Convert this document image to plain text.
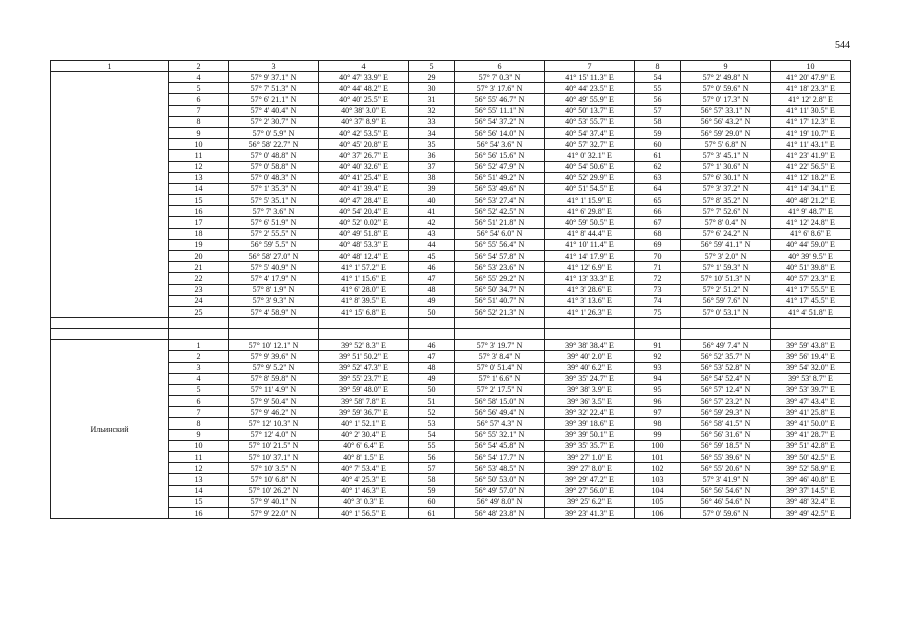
544
1	2	3	4	5	6	7	8	9	10
	4	57° 9' 37.1" N	40° 47' 33.9" E	29	57° 7' 0.3" N	41° 15' 11.3" E	54	57° 2' 49.8" N	41° 20' 47.9" E
	5	57° 7' 51.3" N	40° 44' 48.2" E	30	57° 3' 17.6" N	40° 44' 23.5" E	55	57° 0' 59.6" N	41° 18' 23.3" E
	6	57° 6' 21.1" N	40° 40' 25.5" E	31	56° 55' 46.7" N	40° 49' 55.9" E	56	57° 0' 17.3" N	41° 12' 2.8" E
	7	57° 4' 40.4" N	40° 38' 3.0" E	32	56° 55' 11.1" N	40° 50' 13.7" E	57	56° 57' 33.1" N	41° 11' 30.5" E
	8	57° 2' 30.7" N	40° 37' 8.9" E	33	56° 54' 37.2" N	40° 53' 55.7" E	58	56° 56' 43.2" N	41° 17' 12.3" E
	9	57° 0' 5.9" N	40° 42' 53.5" E	34	56° 56' 14.0" N	40° 54' 37.4" E	59	56° 59' 29.0" N	41° 19' 10.7" E
	10	56° 58' 22.7" N	40° 45' 20.8" E	35	56° 54' 3.6" N	40° 57' 32.7" E	60	57° 5' 6.8" N	41° 11' 43.1" E
	11	57° 0' 48.8" N	40° 37' 26.7" E	36	56° 56' 15.6" N	41° 0' 32.1" E	61	57° 3' 45.1" N	41° 23' 41.9" E
	12	57° 0' 58.8" N	40° 40' 32.6" E	37	56° 52' 47.9" N	40° 54' 50.6" E	62	57° 1' 30.6" N	41° 22' 56.5" E
	13	57° 0' 48.3" N	40° 41' 25.4" E	38	56° 51' 49.2" N	40° 52' 29.9" E	63	57° 6' 30.1" N	41° 12' 18.2" E
	14	57° 1' 35.3" N	40° 41' 39.4" E	39	56° 53' 49.6" N	40° 51' 54.5" E	64	57° 3' 37.2" N	41° 14' 34.1" E
	15	57° 5' 35.1" N	40° 47' 28.4" E	40	56° 53' 27.4" N	41° 1' 15.9" E	65	57° 8' 35.2" N	40° 48' 21.2" E
	16	57° 7' 3.6" N	40° 54' 20.4" E	41	56° 52' 42.5" N	41° 6' 29.8" E	66	57° 7' 52.6" N	41° 9' 48.7" E
	17	57° 6' 51.9" N	40° 52' 0.02" E	42	56° 51' 21.8" N	40° 59' 50.5" E	67	57° 8' 0.4" N	41° 12' 24.8" E
	18	57° 2' 55.5" N	40° 49' 51.8" E	43	56° 54' 6.0" N	41° 8' 44.4" E	68	57° 6' 24.2" N	41° 6' 8.6" E
	19	56° 59' 5.5" N	40° 48' 53.3" E	44	56° 55' 56.4" N	41° 10' 11.4" E	69	56° 59' 41.1" N	40° 44' 59.0" E
	20	56° 58' 27.0" N	40° 48' 12.4" E	45	56° 54' 57.8" N	41° 14' 17.9" E	70	57° 3' 2.0" N	40° 39' 9.5" E
	21	57° 5' 40.9" N	41° 1' 57.2" E	46	56° 53' 23.6" N	41° 12' 6.9" E	71	57° 1' 59.3" N	40° 51' 39.8" E
	22	57° 4' 17.9" N	41° 1' 15.6" E	47	56° 55' 29.2" N	41° 13' 33.3" E	72	57° 10' 51.3" N	40° 57' 23.3" E
	23	57° 8' 1.9" N	41° 6' 28.0" E	48	56° 50' 34.7" N	41° 3' 28.6" E	73	57° 2' 51.2" N	41° 17' 55.5" E
	24	57° 3' 9.3" N	41° 8' 39.5" E	49	56° 51' 40.7" N	41° 3' 13.6" E	74	56° 59' 7.6" N	41° 17' 45.5" E
	25	57° 4' 58.9" N	41° 15' 6.8" E	50	56° 52' 21.3" N	41° 1' 26.3" E	75	57° 0' 53.1" N	41° 4' 51.8" E

Ильинский	1	57° 10' 12.1" N	39° 52' 8.3" E	46	57° 3' 19.7" N	39° 38' 38.4" E	91	56° 49' 7.4" N	39° 59' 43.8" E
	2	57° 9' 39.6" N	39° 51' 50.2" E	47	57° 3' 8.4" N	39° 40' 2.0" E	92	56° 52' 35.7" N	39° 56' 19.4" E
	3	57° 9' 5.2" N	39° 52' 47.3" E	48	57° 0' 51.4" N	39° 40' 6.2" E	93	56° 53' 52.8" N	39° 54' 32.0" E
	4	57° 8' 59.8" N	39° 55' 23.7" E	49	57° 1' 6.6" N	39° 35' 24.7" E	94	56° 54' 52.4" N	39° 53' 8.7" E
	5	57° 11' 4.9" N	39° 59' 48.0" E	50	57° 2' 17.5" N	39° 38' 3.9" E	95	56° 57' 12.4" N	39° 53' 39.7" E
	6	57° 9' 50.4" N	39° 58' 7.8" E	51	56° 58' 15.0" N	39° 36' 3.5" E	96	56° 57' 23.2" N	39° 47' 43.4" E
	7	57° 9' 46.2" N	39° 59' 36.7" E	52	56° 56' 49.4" N	39° 32' 22.4" E	97	56° 59' 29.3" N	39° 41' 25.8" E
	8	57° 12' 10.3" N	40° 1' 52.1" E	53	56° 57' 4.3" N	39° 39' 18.6" E	98	56° 58' 41.5" N	39° 41' 50.0" E
	9	57° 12' 4.0" N	40° 2' 30.4" E	54	56° 55' 32.1" N	39° 39' 50.1" E	99	56° 56' 31.6" N	39° 41' 28.7" E
	10	57° 10' 21.5" N	40° 6' 6.4" E	55	56° 54' 45.8" N	39° 35' 35.7" E	100	56° 59' 18.5" N	39° 51' 42.8" E
	11	57° 10' 37.1" N	40° 8' 1.5" E	56	56° 54' 17.7" N	39° 27' 1.0" E	101	56° 55' 39.6" N	39° 50' 42.5" E
	12	57° 10' 3.5" N	40° 7' 53.4" E	57	56° 53' 48.5" N	39° 27' 8.0" E	102	56° 55' 20.6" N	39° 52' 58.9" E
	13	57° 10' 6.8" N	40° 4' 25.3" E	58	56° 50' 53.0" N	39° 29' 47.2" E	103	57° 3' 41.9" N	39° 46' 40.8" E
	14	57° 10' 26.2" N	40° 1' 46.3" E	59	56° 49' 57.0" N	39° 27' 56.0" E	104	56° 56' 54.6" N	39° 37' 14.5" E
	15	57° 9' 40.1" N	40° 3' 0.3" E	60	56° 49' 8.0" N	39° 25' 6.2" E	105	56° 46' 54.6" N	39° 48' 32.4" E
	16	57° 9' 22.0" N	40° 1' 56.5" E	61	56° 48' 23.8" N	39° 23' 41.3" E	106	57° 0' 59.6" N	39° 49' 42.5" E
